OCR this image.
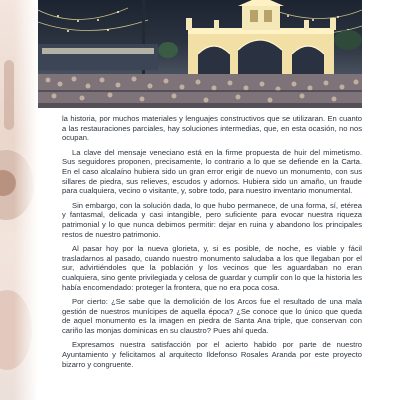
la historia, por muchos materiales y lenguajes constructivos que se utilizaran. En cuanto a las restauraciones parciales, hay soluciones intermedias, que, en esta ocasión, no nos ocupan.

La clave del mensaje veneciano está en la firme propuesta de huir del mimetismo. Sus seguidores proponen, precisamente, lo contrario a lo que se defiende en la Carta. En el caso alcalaíno hubiera sido un gran error erigir de nuevo un monumento, con sus sillares de piedra, sus relieves, escudos y adornos. Hubiera sido un amaño, un fraude para cualquiera, vecino o visitante, y, sobre todo, para nuestro inventario monumental.

Sin embargo, con la solución dada, lo que hubo permanece, de una forma, sí, etérea y fantasmal, delicada y casi intangible, pero suficiente para evocar nuestra riqueza patrimonial y lo que nunca debimos permitir: dejar en ruina y abandono los principales restos de nuestro patrimonio.

Al pasar hoy por la nueva glorieta, y, si es posible, de noche, es viable y fácil trasladarnos al pasado, cuando nuestro monumento saludaba a los que llegaban por el sur, advirtiéndoles que la población y los vecinos que les aguardaban no eran cualquiera, sino gente privilegiada y celosa de guardar y cumplir con lo que la historia les había encomendado: proteger la frontera, que no era poca cosa.

Por cierto: ¿Se sabe que la demolición de los Arcos fue el resultado de una mala gestión de nuestros munícipes de aquella época? ¿Se conoce que lo único que queda de aquel monumento es la imagen en piedra de Santa Ana triple, que conservan con cariño las monjas dominicas en su claustro? Pues ahí queda.

Expresamos nuestra satisfacción por el acierto habido por parte de nuestro Ayuntamiento y felicitamos al arquitecto Ildefonso Rosales Aranda por este proyecto bizarro y congruente.
